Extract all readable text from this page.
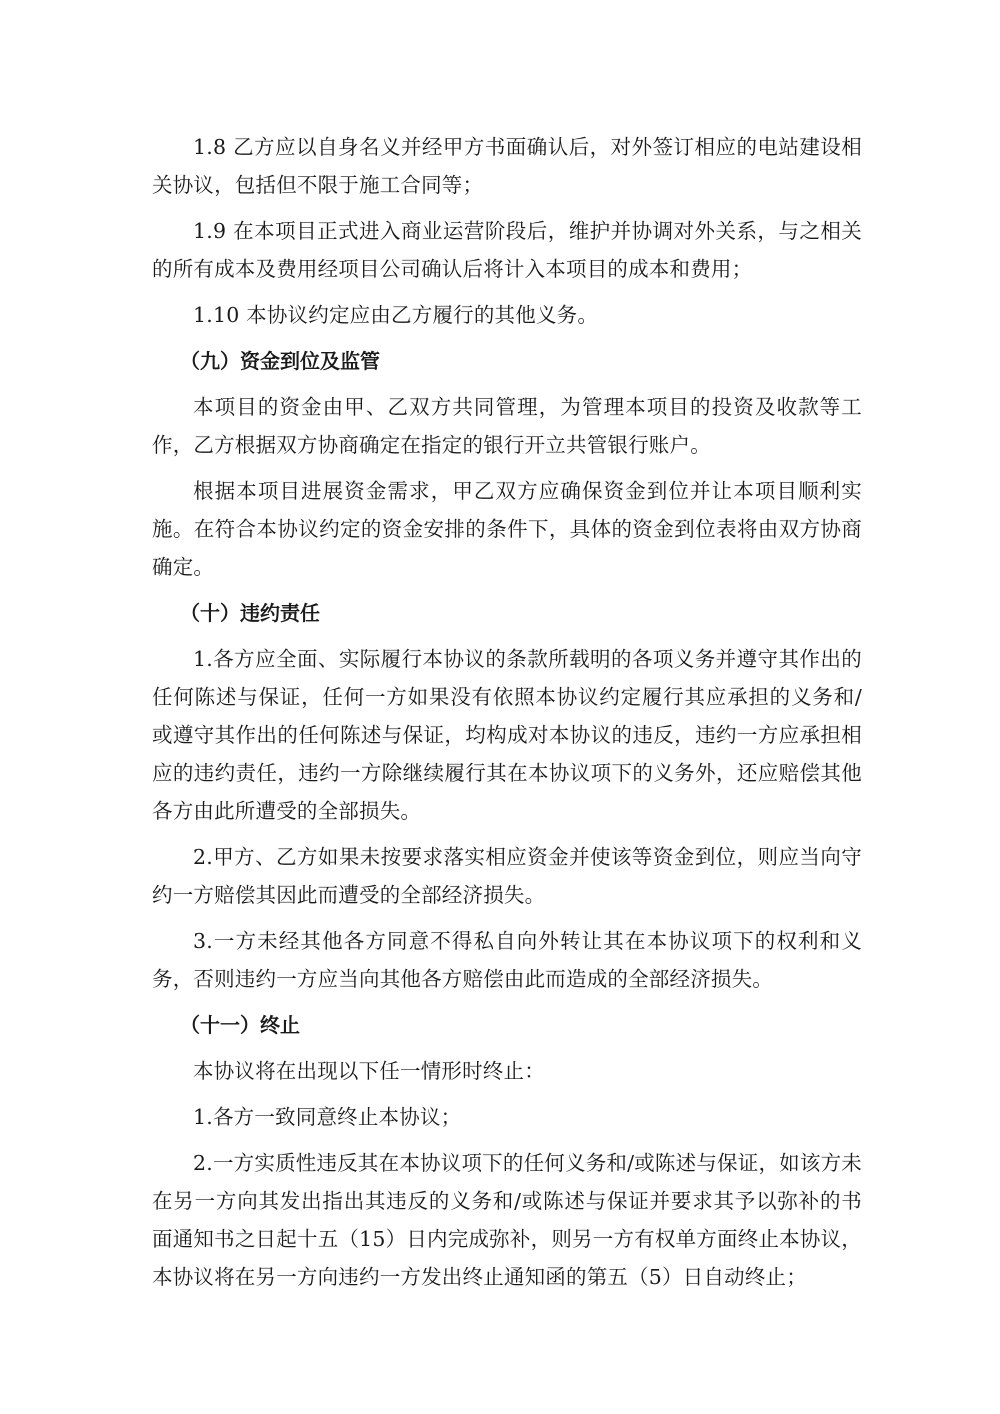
1.8 乙方应以自身名义并经甲方书面确认后，对外签订相应的电站建设相关协议，包括但不限于施工合同等；

1.9 在本项目正式进入商业运营阶段后，维护并协调对外关系，与之相关的所有成本及费用经项目公司确认后将计入本项目的成本和费用；

1.10 本协议约定应由乙方履行的其他义务。

（九）资金到位及监管

本项目的资金由甲、乙双方共同管理，为管理本项目的投资及收款等工作，乙方根据双方协商确定在指定的银行开立共管银行账户。

根据本项目进展资金需求，甲乙双方应确保资金到位并让本项目顺利实施。在符合本协议约定的资金安排的条件下，具体的资金到位表将由双方协商确定。

（十）违约责任

1.各方应全面、实际履行本协议的条款所载明的各项义务并遵守其作出的任何陈述与保证，任何一方如果没有依照本协议约定履行其应承担的义务和/或遵守其作出的任何陈述与保证，均构成对本协议的违反，违约一方应承担相应的违约责任，违约一方除继续履行其在本协议项下的义务外，还应赔偿其他各方由此所遭受的全部损失。

2.甲方、乙方如果未按要求落实相应资金并使该等资金到位，则应当向守约一方赔偿其因此而遭受的全部经济损失。

3.一方未经其他各方同意不得私自向外转让其在本协议项下的权利和义务，否则违约一方应当向其他各方赔偿由此而造成的全部经济损失。

（十一）终止

本协议将在出现以下任一情形时终止：

1.各方一致同意终止本协议；

2.一方实质性违反其在本协议项下的任何义务和/或陈述与保证，如该方未在另一方向其发出指出其违反的义务和/或陈述与保证并要求其予以弥补的书面通知书之日起十五（15）日内完成弥补，则另一方有权单方面终止本协议，本协议将在另一方向违约一方发出终止通知函的第五（5）日自动终止；
